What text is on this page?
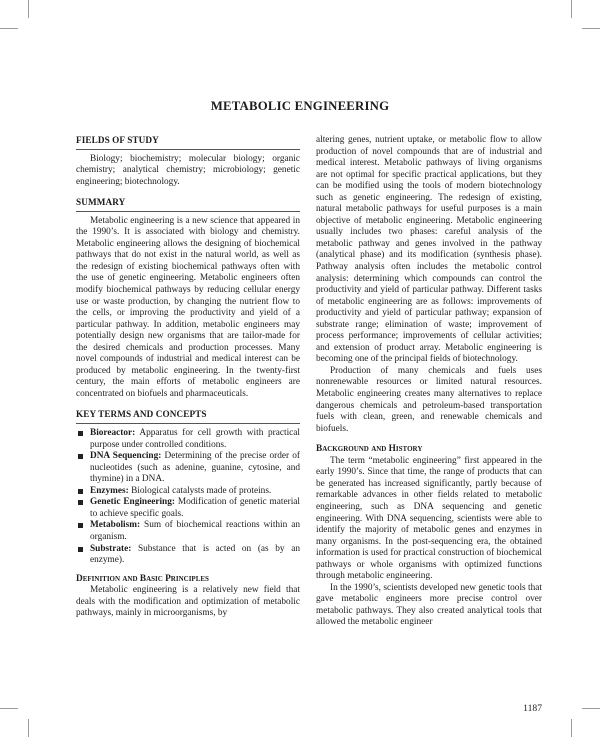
METABOLIC ENGINEERING
FIELDS OF STUDY

Biology; biochemistry; molecular biology; organic chemistry; analytical chemistry; microbiology; genetic engineering; biotechnology.

SUMMARY

Metabolic engineering is a new science that appeared in the 1990’s. It is associated with biology and chemistry. Metabolic engineering allows the designing of biochemical pathways that do not exist in the natural world, as well as the redesign of existing biochemical pathways often with the use of genetic engineering. Metabolic engineers often modify biochemical pathways by reducing cellular energy use or waste production, by changing the nutrient flow to the cells, or improving the productivity and yield of a particular pathway. In addition, metabolic engineers may potentially design new organisms that are tailor-made for the desired chemicals and production processes. Many novel compounds of industrial and medical interest can be produced by metabolic engineering. In the twenty-first century, the main efforts of metabolic engineers are concentrated on biofuels and pharmaceuticals.

KEY TERMS AND CONCEPTS
Bioreactor: Apparatus for cell growth with practical purpose under controlled conditions.
DNA Sequencing: Determining of the precise order of nucleotides (such as adenine, guanine, cytosine, and thymine) in a DNA.
Enzymes: Biological catalysts made of proteins.
Genetic Engineering: Modification of genetic material to achieve specific goals.
Metabolism: Sum of biochemical reactions within an organism.
Substrate: Substance that is acted on (as by an enzyme).
Definition and Basic Principles

Metabolic engineering is a relatively new field that deals with the modification and optimization of metabolic pathways, mainly in microorganisms, by

altering genes, nutrient uptake, or metabolic flow to allow production of novel compounds that are of industrial and medical interest. Metabolic pathways of living organisms are not optimal for specific practical applications, but they can be modified using the tools of modern biotechnology such as genetic engineering. The redesign of existing, natural metabolic pathways for useful purposes is a main objective of metabolic engineering. Metabolic engineering usually includes two phases: careful analysis of the metabolic pathway and genes involved in the pathway (analytical phase) and its modification (synthesis phase). Pathway analysis often includes the metabolic control analysis: determining which compounds can control the productivity and yield of particular pathway. Different tasks of metabolic engineering are as follows: improvements of productivity and yield of particular pathway; expansion of substrate range; elimination of waste; improvement of process performance; improvements of cellular activities; and extension of product array. Metabolic engineering is becoming one of the principal fields of biotechnology.

Production of many chemicals and fuels uses nonrenewable resources or limited natural resources. Metabolic engineering creates many alternatives to replace dangerous chemicals and petroleum-based transportation fuels with clean, green, and renewable chemicals and biofuels.

Background and History

The term “metabolic engineering” first appeared in the early 1990’s. Since that time, the range of products that can be generated has increased significantly, partly because of remarkable advances in other fields related to metabolic engineering, such as DNA sequencing and genetic engineering. With DNA sequencing, scientists were able to identify the majority of metabolic genes and enzymes in many organisms. In the post-sequencing era, the obtained information is used for practical construction of biochemical pathways or whole organisms with optimized functions through metabolic engineering.

In the 1990’s, scientists developed new genetic tools that gave metabolic engineers more precise control over metabolic pathways. They also created analytical tools that allowed the metabolic engineer

1187
